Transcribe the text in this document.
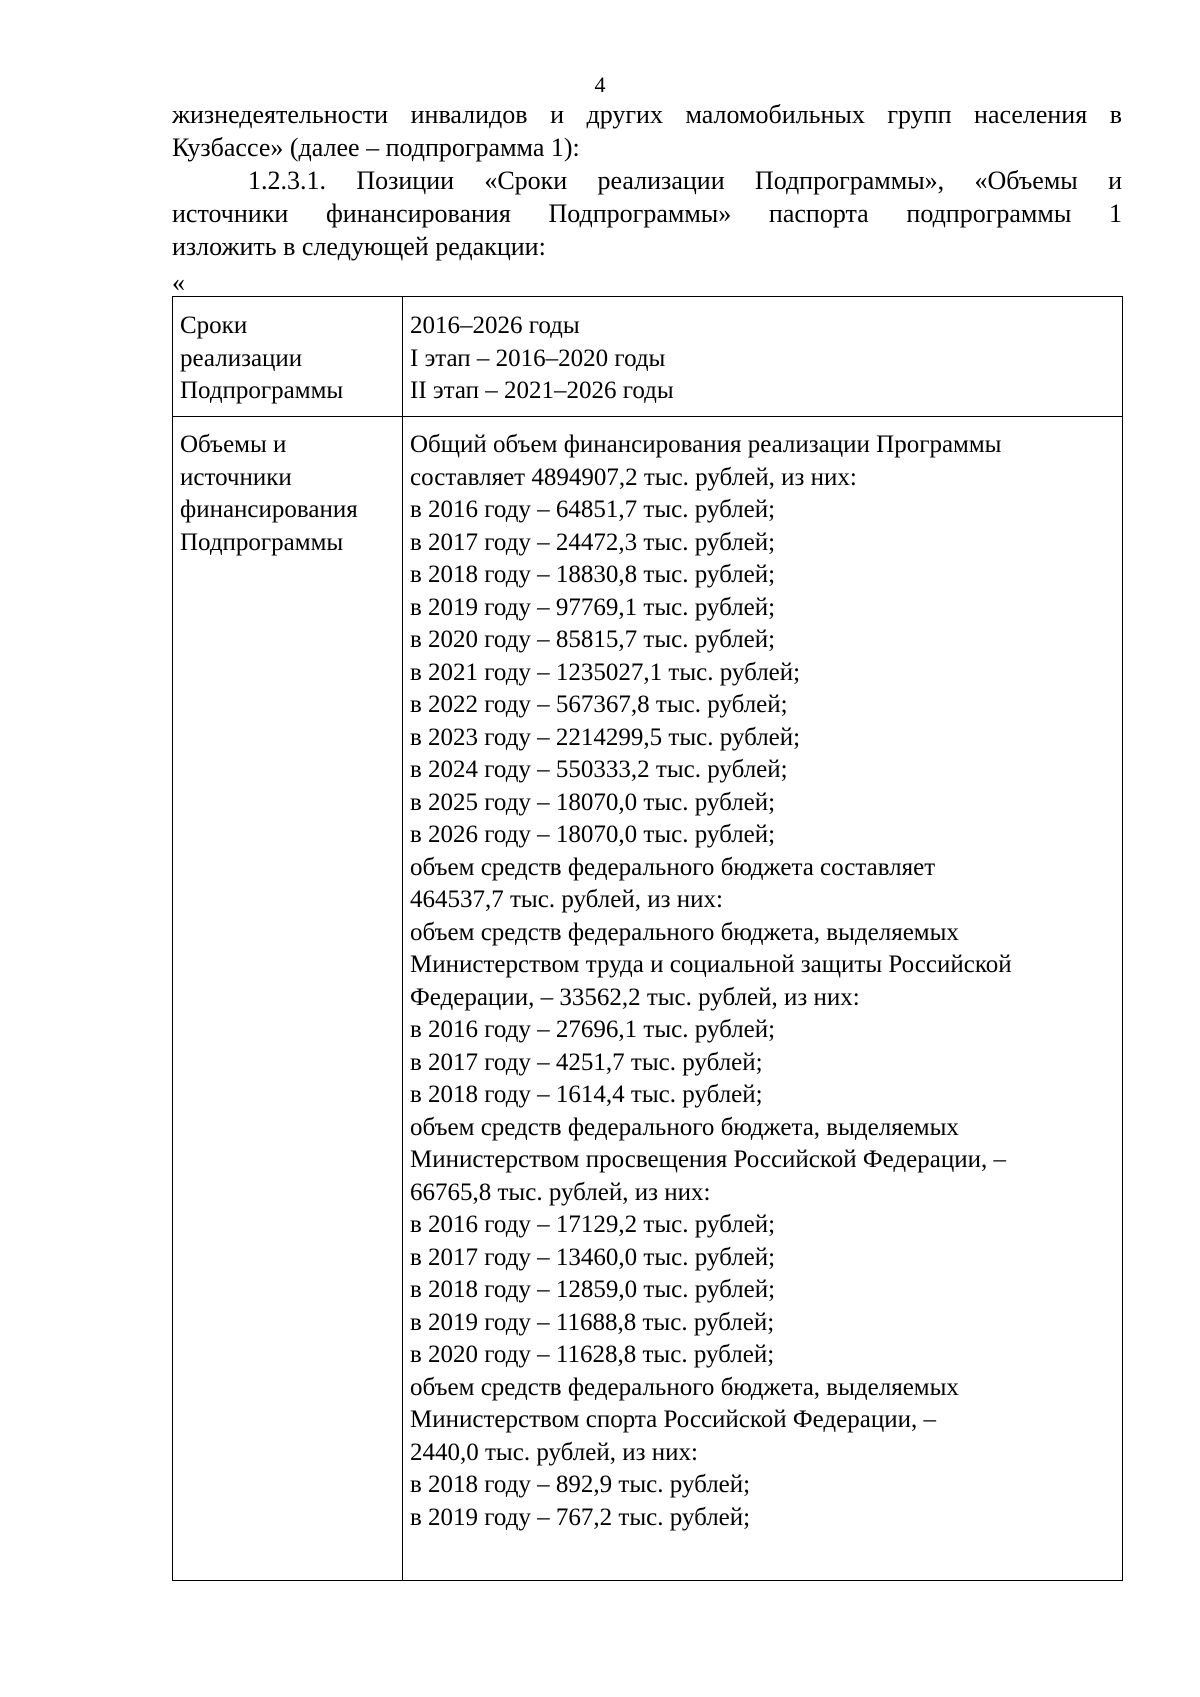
4
жизнедеятельности инвалидов и других маломобильных групп населения в
Кузбассе» (далее – подпрограмма 1):
1.2.3.1. Позиции «Сроки реализации Подпрограммы», «Объемы и
источники финансирования Подпрограммы» паспорта подпрограммы 1
изложить в следующей редакции:
«
Сроки
реализации
Подпрограммы
2016–2026 годы
I этап – 2016–2020 годы
II этап – 2021–2026 годы
Объемы и
источники
финансирования
Подпрограммы
Общий объем финансирования реализации Программы
составляет 4894907,2 тыс. рублей, из них:
в 2016 году – 64851,7 тыс. рублей;
в 2017 году – 24472,3 тыс. рублей;
в 2018 году – 18830,8 тыс. рублей;
в 2019 году – 97769,1 тыс. рублей;
в 2020 году – 85815,7 тыс. рублей;
в 2021 году – 1235027,1 тыс. рублей;
в 2022 году – 567367,8 тыс. рублей;
в 2023 году – 2214299,5 тыс. рублей;
в 2024 году – 550333,2 тыс. рублей;
в 2025 году – 18070,0 тыс. рублей;
в 2026 году – 18070,0 тыс. рублей;
объем средств федерального бюджета составляет
464537,7 тыс. рублей, из них:
объем средств федерального бюджета, выделяемых
Министерством труда и социальной защиты Российской
Федерации, – 33562,2 тыс. рублей, из них:
в 2016 году – 27696,1 тыс. рублей;
в 2017 году – 4251,7 тыс. рублей;
в 2018 году – 1614,4 тыс. рублей;
объем средств федерального бюджета, выделяемых
Министерством просвещения Российской Федерации, –
66765,8 тыс. рублей, из них:
в 2016 году – 17129,2 тыс. рублей;
в 2017 году – 13460,0 тыс. рублей;
в 2018 году – 12859,0 тыс. рублей;
в 2019 году – 11688,8 тыс. рублей;
в 2020 году – 11628,8 тыс. рублей;
объем средств федерального бюджета, выделяемых
Министерством спорта Российской Федерации, –
2440,0 тыс. рублей, из них:
в 2018 году – 892,9 тыс. рублей;
в 2019 году – 767,2 тыс. рублей;
